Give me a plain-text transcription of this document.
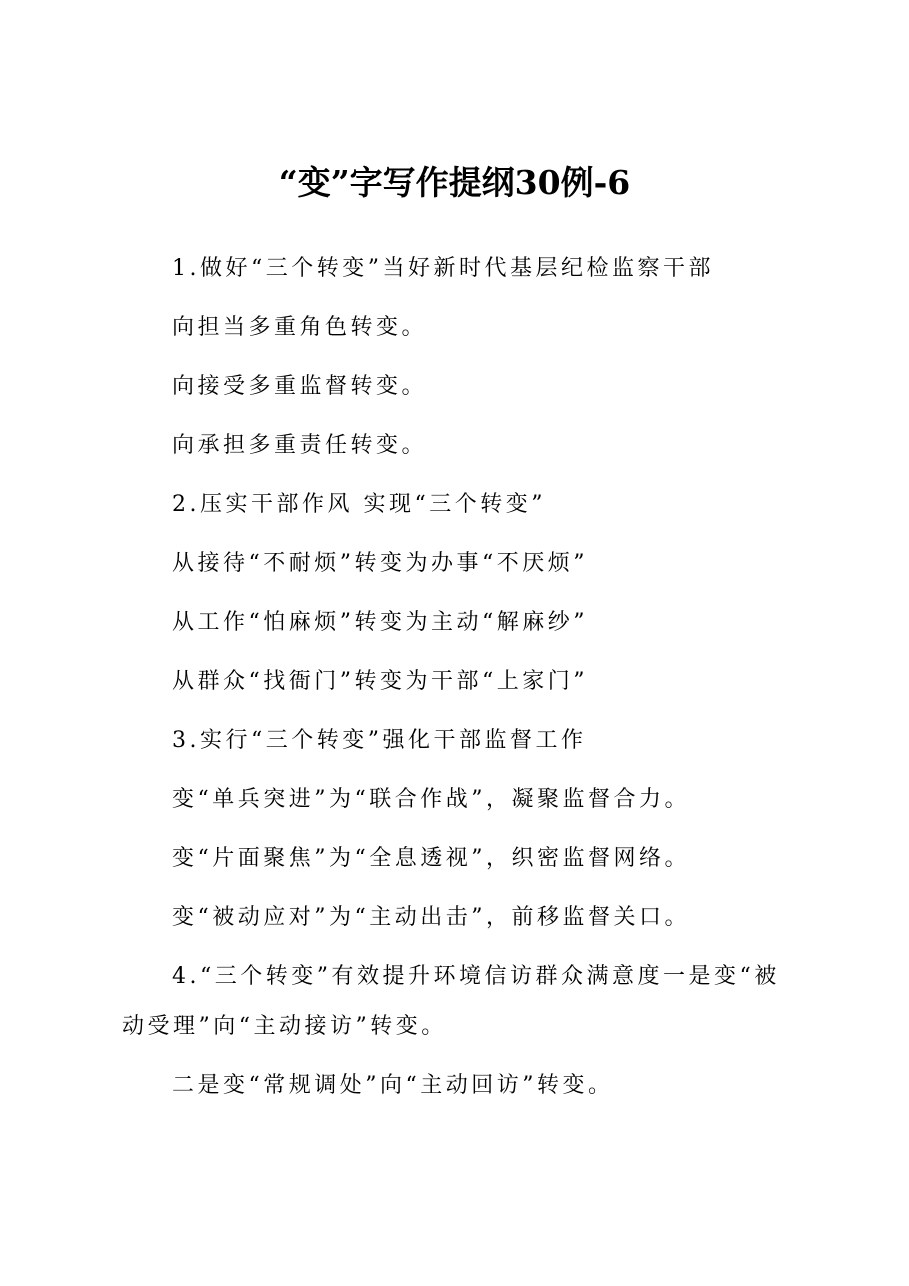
“变”字写作提纲30例-6
1.做好“三个转变”当好新时代基层纪检监察干部
向担当多重角色转变。
向接受多重监督转变。
向承担多重责任转变。
2.压实干部作风 实现“三个转变”
从接待“不耐烦”转变为办事“不厌烦”
从工作“怕麻烦”转变为主动“解麻纱”
从群众“找衙门”转变为干部“上家门”
3.实行“三个转变”强化干部监督工作
变“单兵突进”为“联合作战”，凝聚监督合力。
变“片面聚焦”为“全息透视”，织密监督网络。
变“被动应对”为“主动出击”，前移监督关口。
4.“三个转变”有效提升环境信访群众满意度一是变“被
动受理”向“主动接访”转变。
二是变“常规调处”向“主动回访”转变。
